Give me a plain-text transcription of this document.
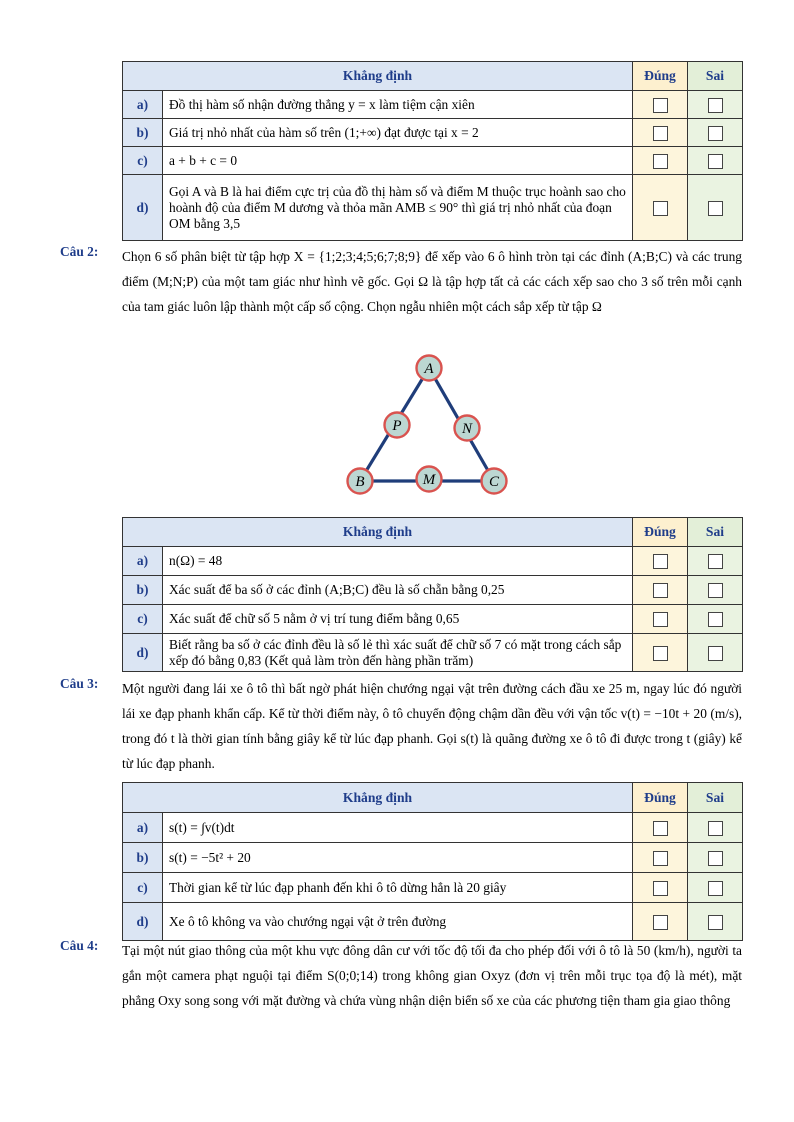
Khẳng định		Đúng	Sai
a)	Đồ thị hàm số nhận đường thẳng y = x làm tiệm cận xiên		
b)	Giá trị nhỏ nhất của hàm số trên (1;+∞) đạt được tại x = 2		
c)	a + b + c = 0		
d)	Gọi A và B là hai điểm cực trị của đồ thị hàm số và điểm M thuộc trục hoành sao cho hoành độ của điểm M dương và thỏa mãn AMB ≤ 90° thì giá trị nhỏ nhất của đoạn OM bằng 3,5		
Câu 2: Chọn 6 số phân biệt từ tập hợp X = {1;2;3;4;5;6;7;8;9} để xếp vào 6 ô hình tròn tại các đỉnh (A;B;C) và các trung điểm (M;N;P) của một tam giác như hình vẽ gốc. Gọi Ω là tập hợp tất cả các cách xếp sao cho 3 số trên mỗi cạnh của tam giác luôn lập thành một cấp số cộng. Chọn ngẫu nhiên một cách sắp xếp từ tập Ω
A
P	N
B	M	C
Khẳng định		Đúng	Sai
a)	n(Ω) = 48		
b)	Xác suất để ba số ở các đỉnh (A;B;C) đều là số chẵn bằng 0,25		
c)	Xác suất để chữ số 5 nằm ở vị trí tung điểm bằng 0,65		
d)	Biết rằng ba số ở các đỉnh đều là số lẻ thì xác suất để chữ số 7 có mặt trong cách sắp xếp đó bằng 0,83 (Kết quả làm tròn đến hàng phần trăm)		
Câu 3: Một người đang lái xe ô tô thì bất ngờ phát hiện chướng ngại vật trên đường cách đầu xe 25 m, ngay lúc đó người lái xe đạp phanh khẩn cấp. Kể từ thời điểm này, ô tô chuyển động chậm dần đều với vận tốc v(t) = −10t + 20 (m/s), trong đó t là thời gian tính bằng giây kể từ lúc đạp phanh. Gọi s(t) là quãng đường xe ô tô đi được trong t (giây) kể từ lúc đạp phanh.
Khẳng định		Đúng	Sai
a)	s(t) = ∫v(t)dt		
b)	s(t) = −5t² + 20		
c)	Thời gian kể từ lúc đạp phanh đến khi ô tô dừng hẳn là 20 giây		
d)	Xe ô tô không va vào chướng ngại vật ở trên đường		
Câu 4: Tại một nút giao thông của một khu vực đông dân cư với tốc độ tối đa cho phép đối với ô tô là 50 (km/h), người ta gắn một camera phạt nguội tại điểm S(0;0;14) trong không gian Oxyz (đơn vị trên mỗi trục tọa độ là mét), mặt phẳng Oxy song song với mặt đường và chứa vùng nhận diện biển số xe của các phương tiện tham gia giao thông
